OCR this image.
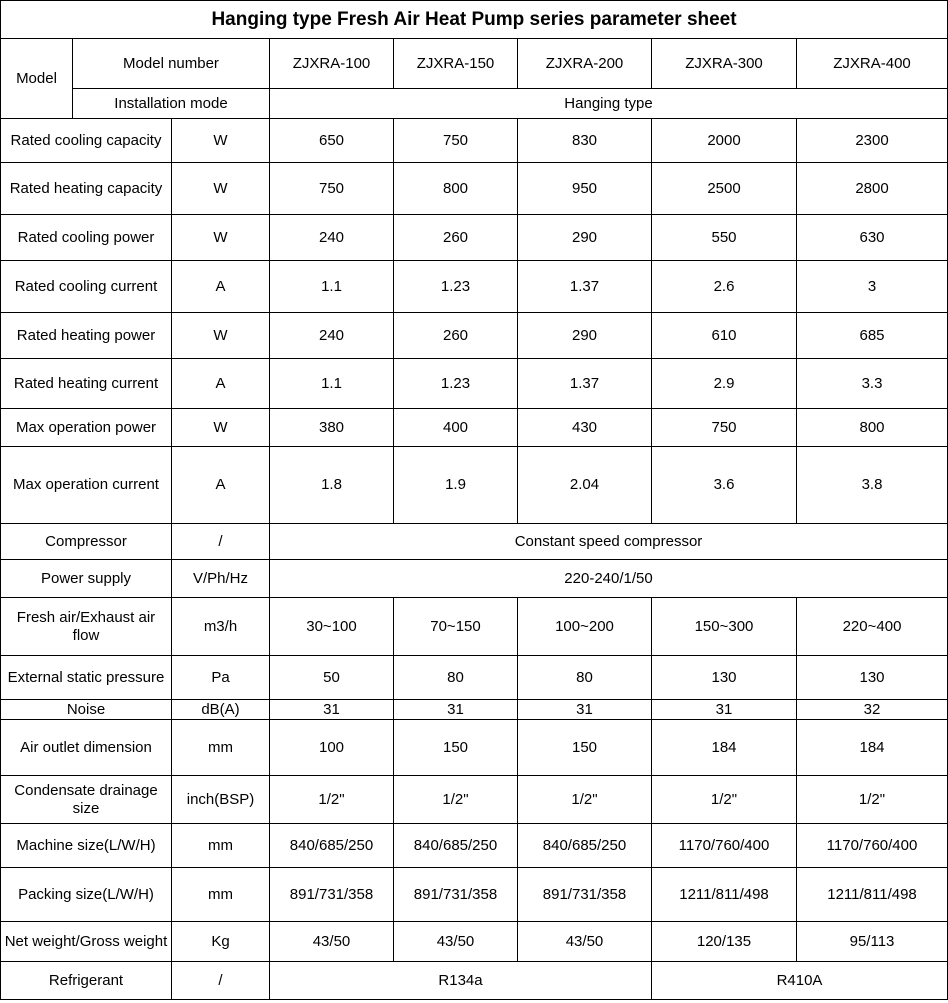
Hanging type Fresh Air Heat Pump series parameter sheet							
Model	Model number		ZJXRA-100	ZJXRA-150	ZJXRA-200	ZJXRA-300	ZJXRA-400
	Installation mode		Hanging type				
Rated cooling capacity		W	650	750	830	2000	2300
Rated heating capacity		W	750	800	950	2500	2800
Rated cooling power		W	240	260	290	550	630
Rated cooling current		A	1.1	1.23	1.37	2.6	3
Rated heating power		W	240	260	290	610	685
Rated heating current		A	1.1	1.23	1.37	2.9	3.3
Max operation power		W	380	400	430	750	800
Max operation current		A	1.8	1.9	2.04	3.6	3.8
Compressor		/	Constant speed compressor				
Power supply		V/Ph/Hz	220-240/1/50				
Fresh air/Exhaust air flow		m3/h	30~100	70~150	100~200	150~300	220~400
External static pressure		Pa	50	80	80	130	130
Noise		dB(A)	31	31	31	31	32
Air outlet dimension		mm	100	150	150	184	184
Condensate drainage size		inch(BSP)	1/2"	1/2"	1/2"	1/2"	1/2"
Machine size(L/W/H)		mm	840/685/250	840/685/250	840/685/250	1170/760/400	1170/760/400
Packing size(L/W/H)		mm	891/731/358	891/731/358	891/731/358	1211/811/498	1211/811/498
Net weight/Gross weight		Kg	43/50	43/50	43/50	120/135	95/113
Refrigerant		/	R134a			R410A	
